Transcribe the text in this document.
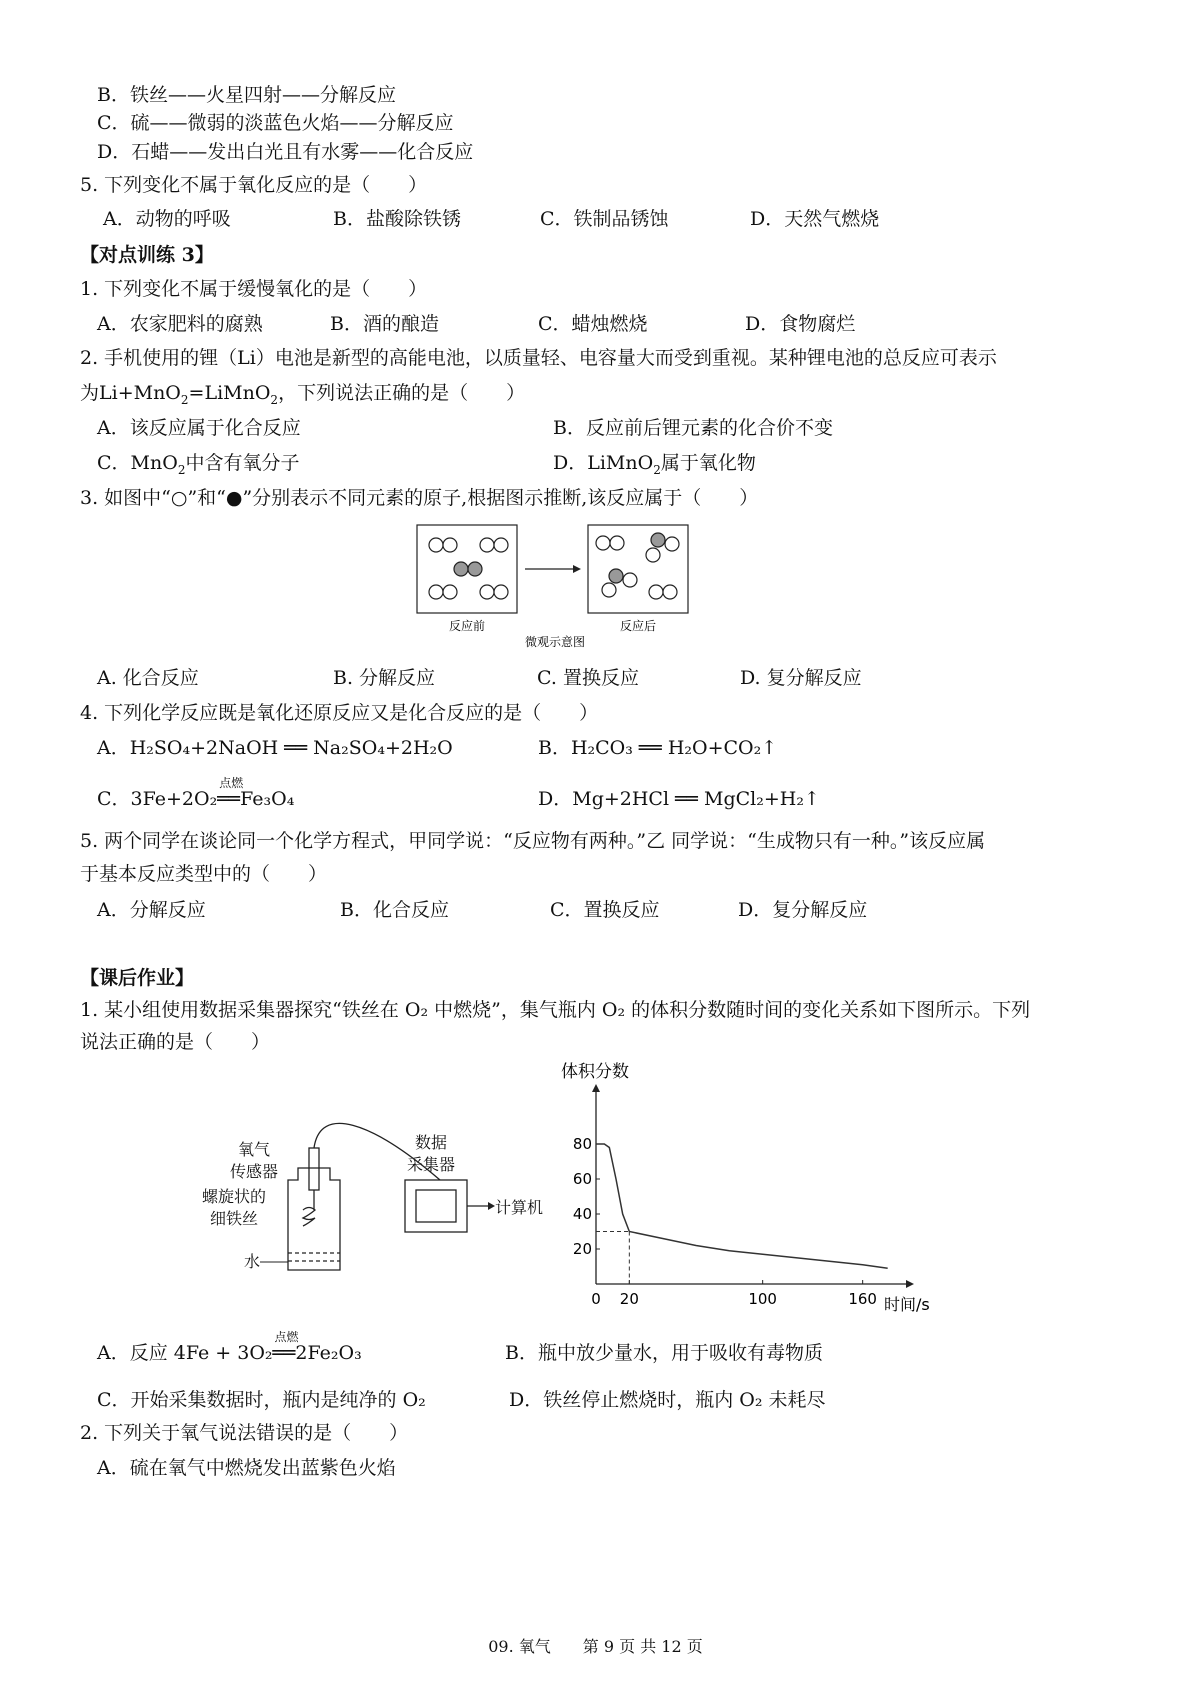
B．铁丝——火星四射——分解反应
C．硫——微弱的淡蓝色火焰——分解反应
D．石蜡——发出白光且有水雾——化合反应
5. 下列变化不属于氧化反应的是（　　）
A．动物的呼吸	B．盐酸除铁锈	C．铁制品锈蚀	D．天然气燃烧
【对点训练 3】
1. 下列变化不属于缓慢氧化的是（　　）
A．农家肥料的腐熟	B．酒的酿造	C．蜡烛燃烧	D．食物腐烂
2. 手机使用的锂（Li）电池是新型的高能电池，以质量轻、电容量大而受到重视。某种锂电池的总反应可表示
为Li+MnO$_2$=LiMnO$_2$，下列说法正确的是（　　）
A．该反应属于化合反应	B．反应前后锂元素的化合价不变
C．MnO$_2$中含有氧分子	D．LiMnO$_2$属于氧化物
3. 如图中“○”和“●”分别表示不同元素的原子,根据图示推断,该反应属于（　　）
反应前	反应后
微观示意图
A. 化合反应	B. 分解反应	C. 置换反应	D. 复分解反应
4. 下列化学反应既是氧化还原反应又是化合反应的是（　　）
A．H₂SO₄+2NaOH ══ Na₂SO₄+2H₂O	B．H₂CO₃ ══ H₂O+CO₂↑
C．3Fe+2O₂
点燃
══Fe₃O₄	D．Mg+2HCl ══ MgCl₂+H₂↑
5. 两个同学在谈论同一个化学方程式，甲同学说：“反应物有两种。”乙 同学说：“生成物只有一种。”该反应属
于基本反应类型中的（　　）
A．分解反应	B．化合反应	C．置换反应	D．复分解反应
【课后作业】
1. 某小组使用数据采集器探究“铁丝在 O₂ 中燃烧”，集气瓶内 O₂ 的体积分数随时间的变化关系如下图所示。下列
说法正确的是（　　）
氧气
传感器
螺旋状的
细铁丝
水
数据
采集器
计算机
体积分数
时间/s
20
40
60
80
0 20	100	160
A．反应 4Fe + 3O₂
点燃
══2Fe₂O₃	B．瓶中放少量水，用于吸收有毒物质
C．开始采集数据时，瓶内是纯净的 O₂	D．铁丝停止燃烧时，瓶内 O₂ 未耗尽
2. 下列关于氧气说法错误的是（　　）
A．硫在氧气中燃烧发出蓝紫色火焰
09. 氧气　　第 9 页 共 12 页
